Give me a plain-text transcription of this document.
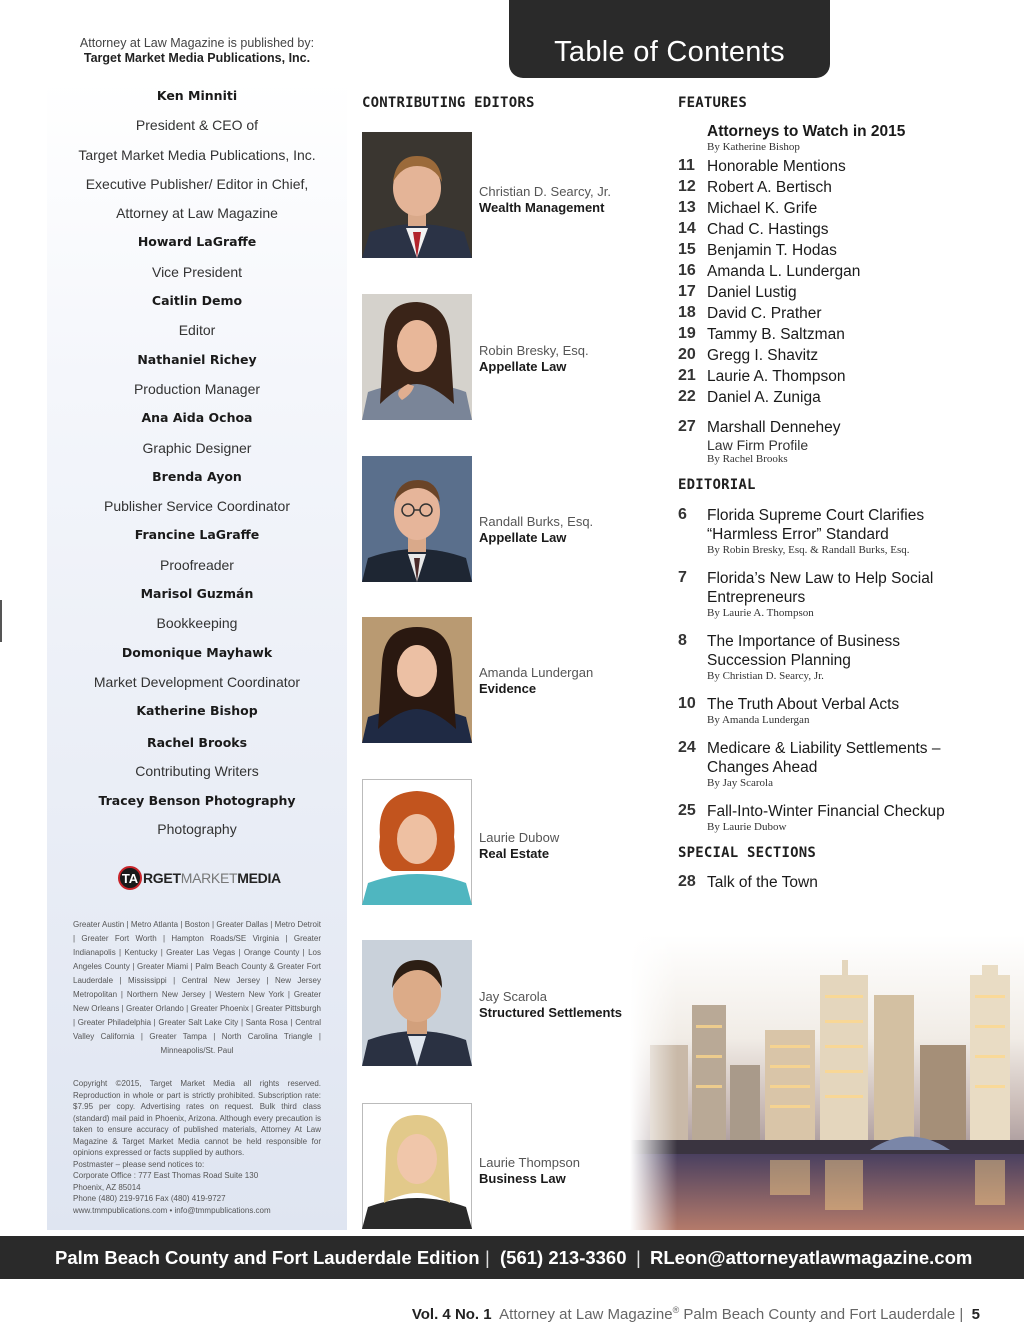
Attorney at Law Magazine is published by:
Target Market Media Publications, Inc.
Ken Minniti
President & CEO of
Target Market Media Publications, Inc.
Executive Publisher/ Editor in Chief,
Attorney at Law Magazine
Howard LaGraffe
Vice President
Caitlin Demo
Editor
Nathaniel Richey
Production Manager
Ana Aida Ochoa
Graphic Designer
Brenda Ayon
Publisher Service Coordinator
Francine LaGraffe
Proofreader
Marisol Guzmán
Bookkeeping
Domonique Mayhawk
Market Development Coordinator
Katherine Bishop
Rachel Brooks
Contributing Writers
Tracey Benson Photography
Photography
TA RGETMARKETMEDIA
Greater Austin | Metro Atlanta | Boston | Greater Dallas | Metro Detroit | Greater Fort Worth | Hampton Roads/SE Virginia | Greater Indianapolis | Kentucky | Greater Las Vegas | Orange County | Los Angeles County | Greater Miami | Palm Beach County & Greater Fort Lauderdale | Mississippi | Central New Jersey | New Jersey Metropolitan | Northern New Jersey | Western New York | Greater New Orleans | Greater Orlando | Greater Phoenix | Greater Pittsburgh | Greater Philadelphia | Greater Salt Lake City | Santa Rosa | Central Valley California | Greater Tampa | North Carolina Triangle | Minneapolis/St. Paul
Copyright ©2015, Target Market Media all rights reserved. Reproduction in whole or part is strictly prohibited. Subscription rate: $7.95 per copy. Advertising rates on request. Bulk third class (standard) mail paid in Phoenix, Arizona. Although every precaution is taken to ensure accuracy of published materials, Attorney At Law Magazine & Target Market Media cannot be held responsible for opinions expressed or facts supplied by authors.
Postmaster – please send notices to:
Corporate Office : 777 East Thomas Road Suite 130
Phoenix, AZ 85014
Phone (480) 219-9716 Fax (480) 419-9727
www.tmmpublications.com • info@tmmpublications.com
Table of Contents
CONTRIBUTING EDITORS
Christian D. Searcy, Jr.
Wealth Management
Robin Bresky, Esq.
Appellate Law
Randall Burks, Esq.
Appellate Law
Amanda Lundergan
Evidence
Laurie Dubow
Real Estate
Jay Scarola
Structured Settlements
Laurie Thompson
Business Law
FEATURES
Attorneys to Watch in 2015
By Katherine Bishop
11 Honorable Mentions
12 Robert A. Bertisch
13 Michael K. Grife
14 Chad C. Hastings
15 Benjamin T. Hodas
16 Amanda L. Lundergan
17 Daniel Lustig
18 David C. Prather
19 Tammy B. Saltzman
20 Gregg I. Shavitz
21 Laurie A. Thompson
22 Daniel A. Zuniga
27 Marshall Dennehey
Law Firm Profile
By Rachel Brooks
EDITORIAL
6 Florida Supreme Court Clarifies
“Harmless Error” Standard
By Robin Bresky, Esq. & Randall Burks, Esq.
7 Florida’s New Law to Help Social
Entrepreneurs
By Laurie A. Thompson
8 The Importance of Business
Succession Planning
By Christian D. Searcy, Jr.
10 The Truth About Verbal Acts
By Amanda Lundergan
24 Medicare & Liability Settlements –
Changes Ahead
By Jay Scarola
25 Fall-Into-Winter Financial Checkup
By Laurie Dubow
SPECIAL SECTIONS
28 Talk of the Town
Palm Beach County and Fort Lauderdale Edition | (561) 213-3360 | RLeon@attorneyatlawmagazine.com
Vol. 4 No. 1 Attorney at Law Magazine® Palm Beach County and Fort Lauderdale | 5
